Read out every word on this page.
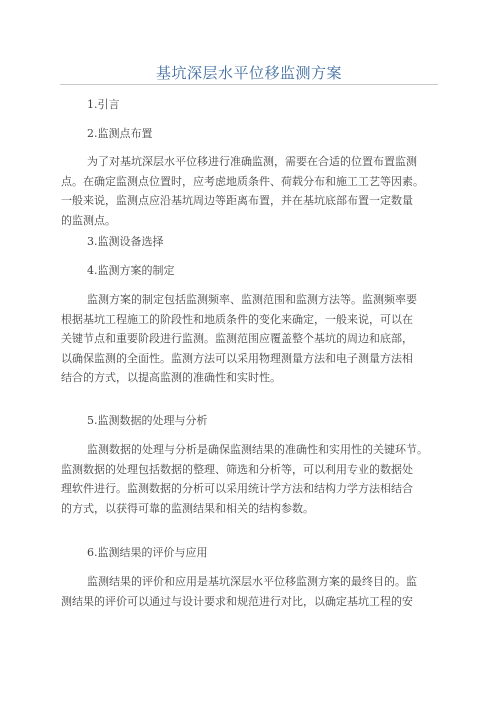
基坑深层水平位移监测方案
1.引言
2.监测点布置
为了对基坑深层水平位移进行准确监测，需要在合适的位置布置监测
点。在确定监测点位置时，应考虑地质条件、荷载分布和施工工艺等因素。
一般来说，监测点应沿基坑周边等距离布置，并在基坑底部布置一定数量
的监测点。
3.监测设备选择
4.监测方案的制定
监测方案的制定包括监测频率、监测范围和监测方法等。监测频率要
根据基坑工程施工的阶段性和地质条件的变化来确定，一般来说，可以在
关键节点和重要阶段进行监测。监测范围应覆盖整个基坑的周边和底部，
以确保监测的全面性。监测方法可以采用物理测量方法和电子测量方法相
结合的方式，以提高监测的准确性和实时性。
5.监测数据的处理与分析
监测数据的处理与分析是确保监测结果的准确性和实用性的关键环节。
监测数据的处理包括数据的整理、筛选和分析等，可以利用专业的数据处
理软件进行。监测数据的分析可以采用统计学方法和结构力学方法相结合
的方式，以获得可靠的监测结果和相关的结构参数。
6.监测结果的评价与应用
监测结果的评价和应用是基坑深层水平位移监测方案的最终目的。监
测结果的评价可以通过与设计要求和规范进行对比，以确定基坑工程的安
